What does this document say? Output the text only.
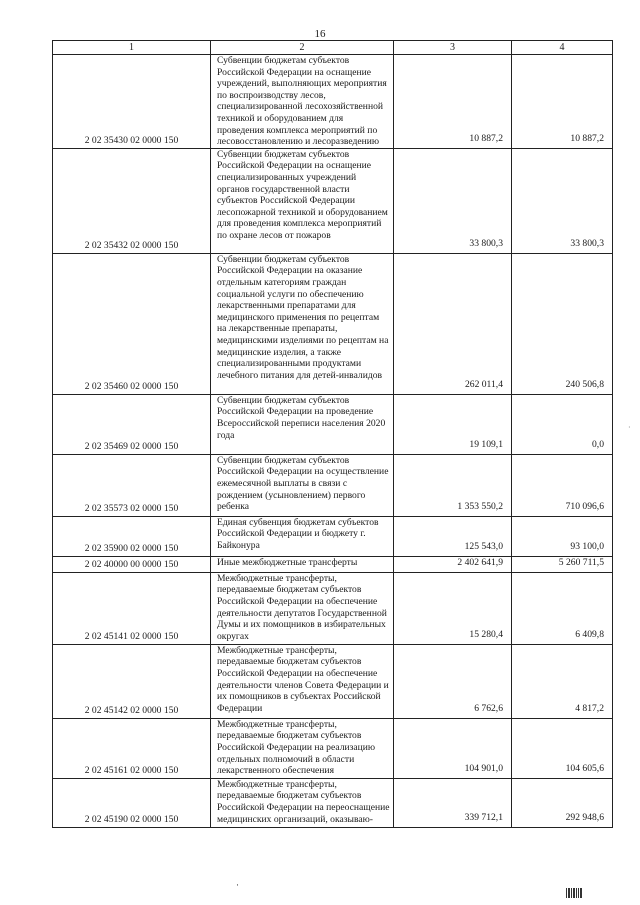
16
1	2	3	4
2 02 35430 02 0000 150	Субвенции бюджетам субъектов Российской Федерации на оснащение учреждений, выполняющих мероприятия по воспроизводству лесов, специализированной лесохозяйственной техникой и оборудованием для проведения комплекса мероприятий по лесовосстановлению и лесоразведению	10 887,2	10 887,2
2 02 35432 02 0000 150	Субвенции бюджетам субъектов Российской Федерации на оснащение специализированных учреждений органов государственной власти субъектов Российской Федерации лесопожарной техникой и оборудованием для проведения комплекса мероприятий по охране лесов от пожаров	33 800,3	33 800,3
2 02 35460 02 0000 150	Субвенции бюджетам субъектов Российской Федерации на оказание отдельным категориям граждан социальной услуги по обеспечению лекарственными препаратами для медицинского применения по рецептам на лекарственные препараты, медицинскими изделиями по рецептам на медицинские изделия, а также специализированными продуктами лечебного питания для детей-инвалидов	262 011,4	240 506,8
2 02 35469 02 0000 150	Субвенции бюджетам субъектов Российской Федерации на проведение Всероссийской переписи населения 2020 года	19 109,1	0,0
2 02 35573 02 0000 150	Субвенции бюджетам субъектов Российской Федерации на осуществление ежемесячной выплаты в связи с рождением (усыновлением) первого ребенка	1 353 550,2	710 096,6
2 02 35900 02 0000 150	Единая субвенция бюджетам субъектов Российской Федерации и бюджету г. Байконура	125 543,0	93 100,0
2 02 40000 00 0000 150	Иные межбюджетные трансферты	2 402 641,9	5 260 711,5
2 02 45141 02 0000 150	Межбюджетные трансферты, передаваемые бюджетам субъектов Российской Федерации на обеспечение деятельности депутатов Государственной Думы и их помощников в избирательных округах	15 280,4	6 409,8
2 02 45142 02 0000 150	Межбюджетные трансферты, передаваемые бюджетам субъектов Российской Федерации на обеспечение деятельности членов Совета Федерации и их помощников в субъектах Российской Федерации	6 762,6	4 817,2
2 02 45161 02 0000 150	Межбюджетные трансферты, передаваемые бюджетам субъектов Российской Федерации на реализацию отдельных полномочий в области лекарственного обеспечения	104 901,0	104 605,6
2 02 45190 02 0000 150	Межбюджетные трансферты, передаваемые бюджетам субъектов Российской Федерации на переоснащение медицинских организаций, оказываю-	339 712,1	292 948,6
·
·
